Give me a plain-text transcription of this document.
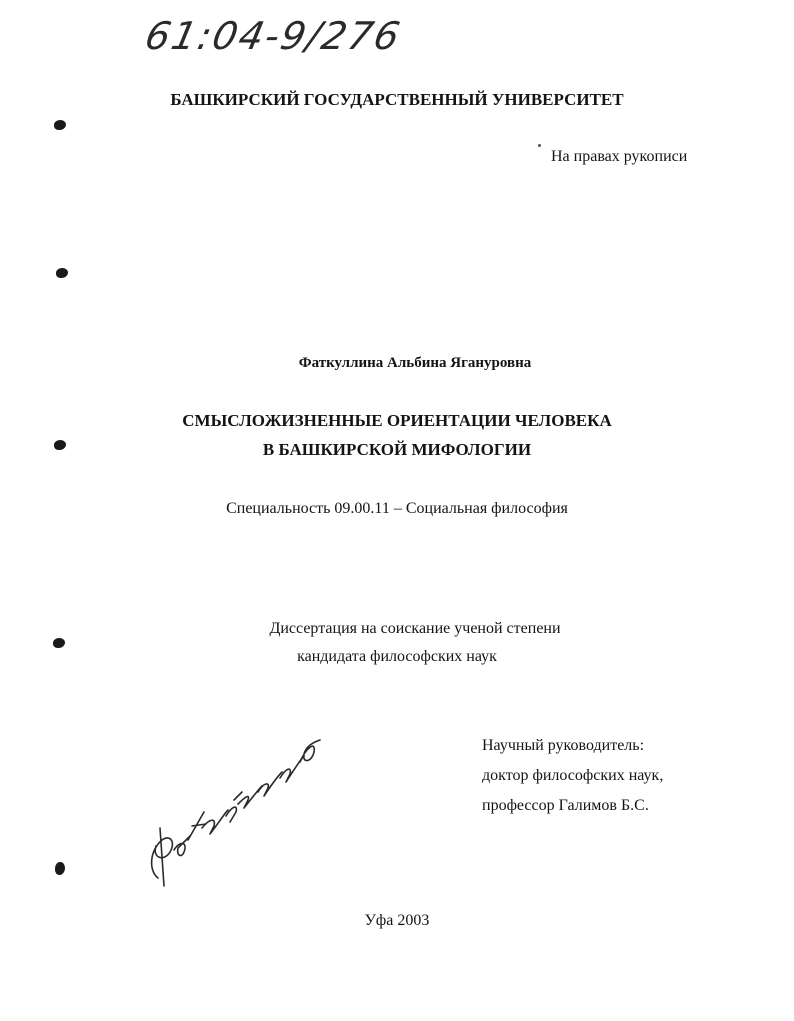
61:04-9/276
БАШКИРСКИЙ ГОСУДАРСТВЕННЫЙ УНИВЕРСИТЕТ
На правах рукописи
Фаткуллина Альбина Ягануровна
СМЫСЛОЖИЗНЕННЫЕ ОРИЕНТАЦИИ ЧЕЛОВЕКА
В БАШКИРСКОЙ МИФОЛОГИИ
Специальность 09.00.11 – Социальная философия
Диссертация на соискание ученой степени
кандидата философских наук
Научный руководитель:
доктор философских наук,
профессор Галимов Б.С.
Уфа 2003
